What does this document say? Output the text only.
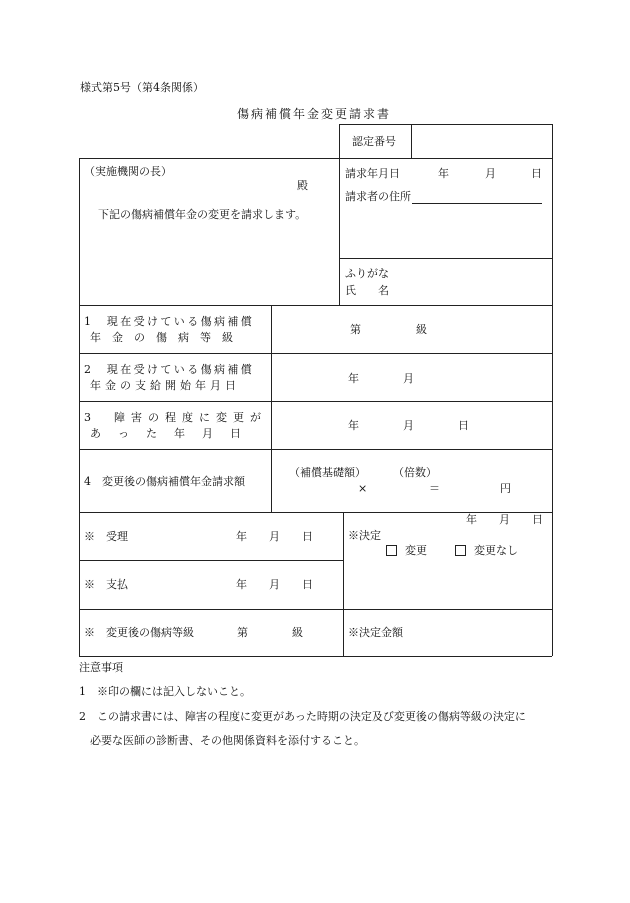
様式第5号（第4条関係）
傷病補償年金変更請求書
認定番号
（実施機関の長）
殿
下記の傷病補償年金の変更を請求します。
請求年月日	年	月	日
請求者の住所
ふりがな
氏　　名
1　現在受けている傷病補償
年　金　の　傷　病　等　級
第　　　　　級
2　現在受けている傷病補償
年金の支給開始年月日
年　　　　月
3　障害の程度に変更が
あ　っ　た　年　月　日
年　　　　月　　　　日
4　変更後の傷病補償年金請求額
（補償基礎額） （倍数）
×	＝	円
※　受理	年　　月　　日
※　支払	年　　月　　日
年　　月　　日
※決定
変更	変更なし
※　変更後の傷病等級	第　　　　級	※決定金額
注意事項
1　※印の欄には記入しないこと。
2　この請求書には、障害の程度に変更があった時期の決定及び変更後の傷病等級の決定に
必要な医師の診断書、その他関係資料を添付すること。
